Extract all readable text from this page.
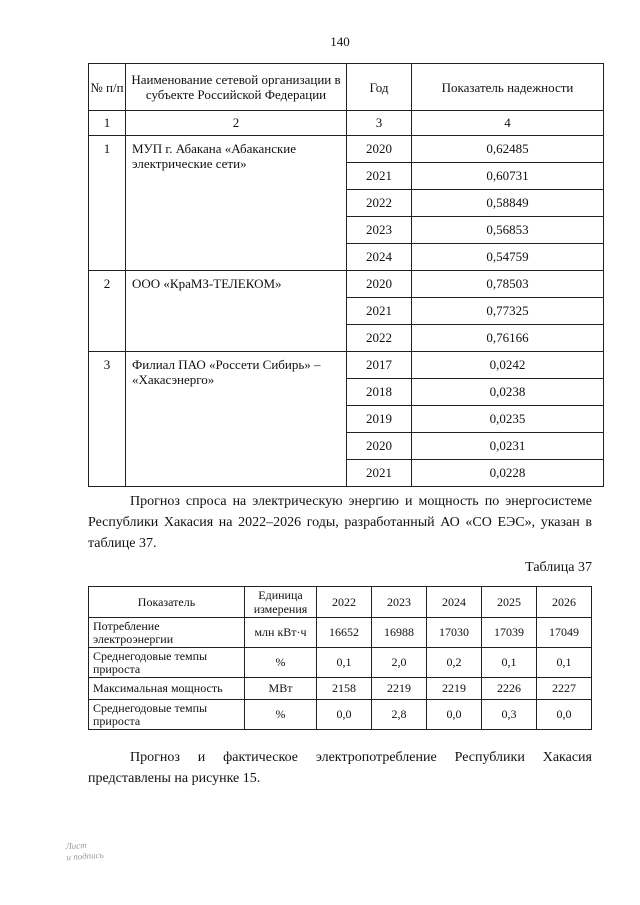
140
№ п/п	Наименование сетевой организации в субъекте Российской Федерации	Год	Показатель надежности
1	2	3	4
1	МУП г. Абакана «Абаканские электрические сети»	2020	0,62485
		2021	0,60731
		2022	0,58849
		2023	0,56853
		2024	0,54759
2	ООО «КраМЗ-ТЕЛЕКОМ»	2020	0,78503
		2021	0,77325
		2022	0,76166
3	Филиал ПАО «Россети Сибирь» – «Хакасэнерго»	2017	0,0242
		2018	0,0238
		2019	0,0235
		2020	0,0231
		2021	0,0228
Прогноз спроса на электрическую энергию и мощность по энергосистеме Республики Хакасия на 2022–2026 годы, разработанный АО «СО ЕЭС», указан в таблице 37.
Таблица 37
Показатель	Единица измерения	2022	2023	2024	2025	2026
Потребление электроэнергии	млн кВт·ч	16652	16988	17030	17039	17049
Среднегодовые темпы прироста	%	0,1	2,0	0,2	0,1	0,1
Максимальная мощность	МВт	2158	2219	2219	2226	2227
Среднегодовые темпы прироста	%	0,0	2,8	0,0	0,3	0,0
Прогноз и фактическое электропотребление Республики Хакасия
представлены на рисунке 15.
Лист
и подпись
